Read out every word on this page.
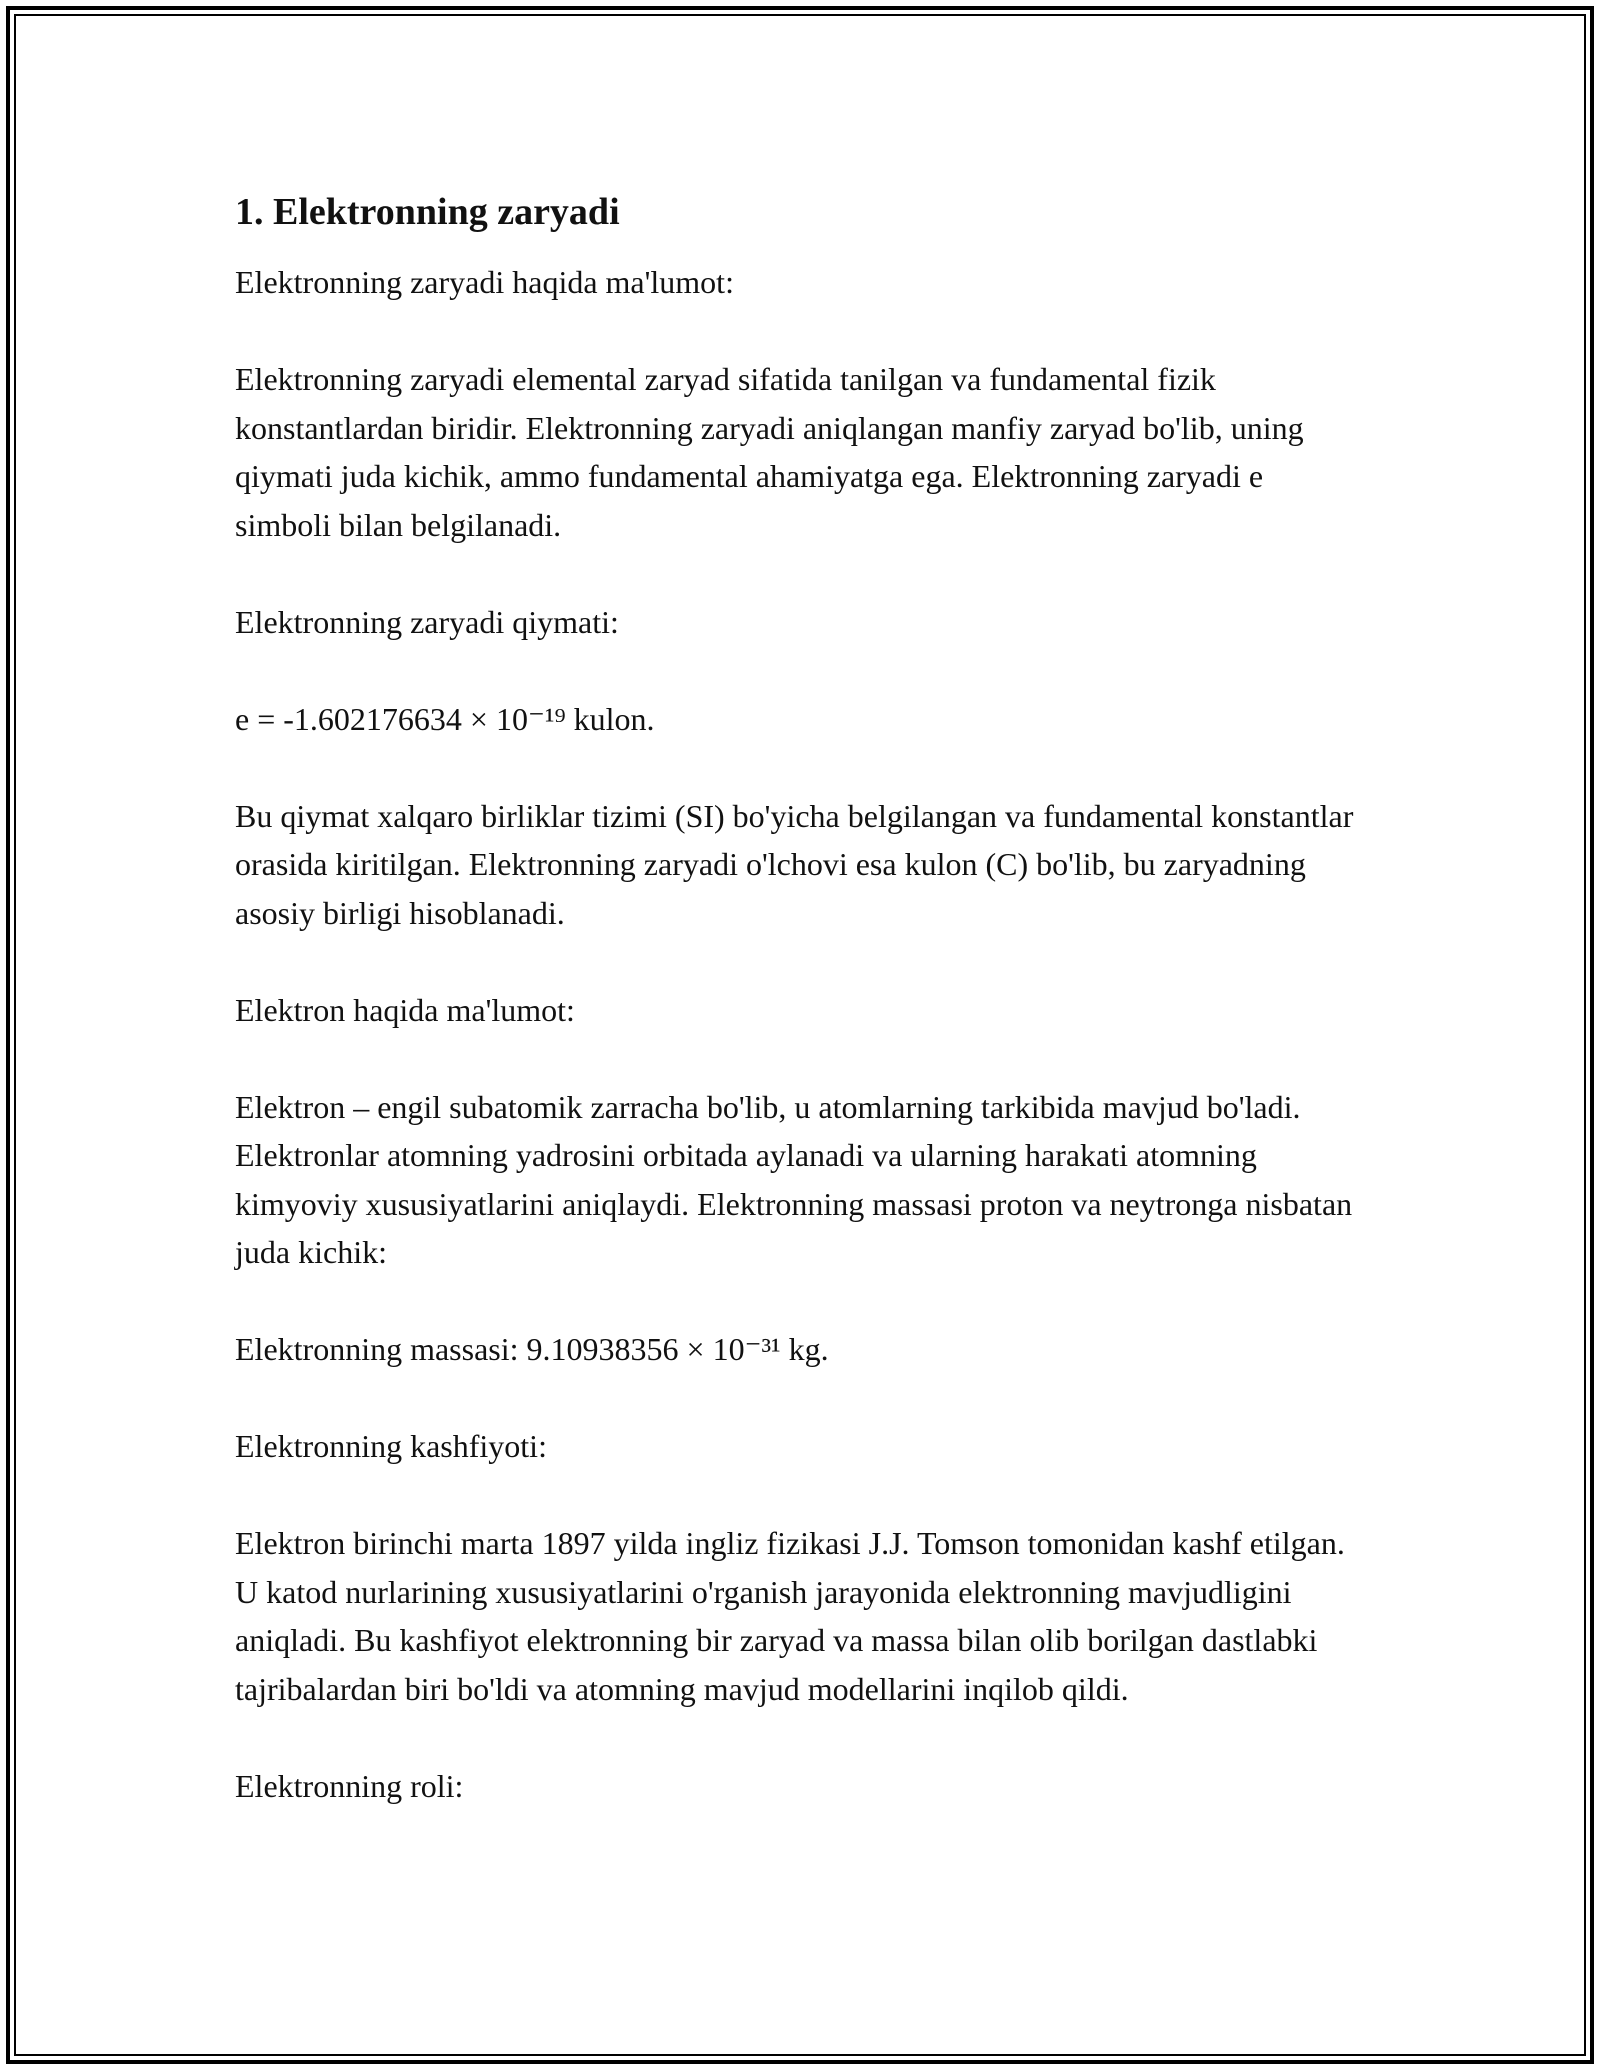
1. Elektronning zaryadi

Elektronning zaryadi haqida ma'lumot:

Elektronning zaryadi elemental zaryad sifatida tanilgan va fundamental fizik konstantlardan biridir. Elektronning zaryadi aniqlangan manfiy zaryad bo'lib, uning qiymati juda kichik, ammo fundamental ahamiyatga ega. Elektronning zaryadi e simboli bilan belgilanadi.

Elektronning zaryadi qiymati:

e = -1.602176634 × 10⁻¹⁹ kulon.

Bu qiymat xalqaro birliklar tizimi (SI) bo'yicha belgilangan va fundamental konstantlar orasida kiritilgan. Elektronning zaryadi o'lchovi esa kulon (C) bo'lib, bu zaryadning asosiy birligi hisoblanadi.

Elektron haqida ma'lumot:

Elektron – engil subatomik zarracha bo'lib, u atomlarning tarkibida mavjud bo'ladi. Elektronlar atomning yadrosini orbitada aylanadi va ularning harakati atomning kimyoviy xususiyatlarini aniqlaydi. Elektronning massasi proton va neytronga nisbatan juda kichik:

Elektronning massasi: 9.10938356 × 10⁻³¹ kg.

Elektronning kashfiyoti:

Elektron birinchi marta 1897 yilda ingliz fizikasi J.J. Tomson tomonidan kashf etilgan. U katod nurlarining xususiyatlarini o'rganish jarayonida elektronning mavjudligini aniqladi. Bu kashfiyot elektronning bir zaryad va massa bilan olib borilgan dastlabki tajribalardan biri bo'ldi va atomning mavjud modellarini inqilob qildi.

Elektronning roli:
